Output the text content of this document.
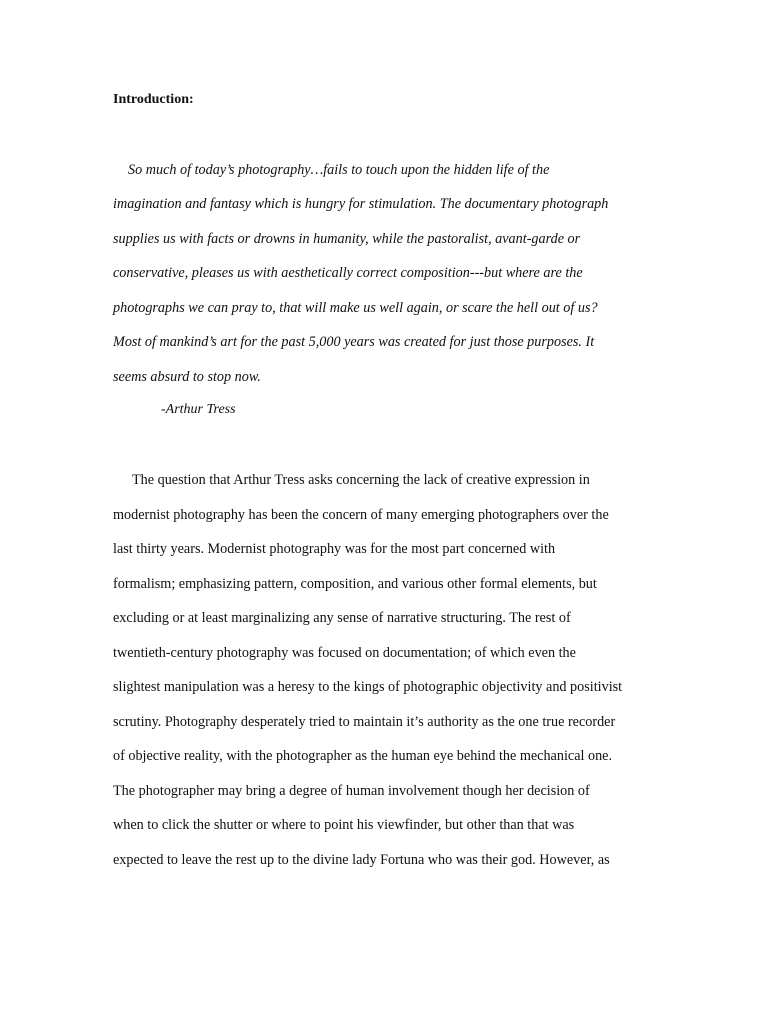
Introduction:
So much of today’s photography…fails to touch upon the hidden life of the
imagination and fantasy which is hungry for stimulation. The documentary photograph
supplies us with facts or drowns in humanity, while the pastoralist, avant-garde or
conservative, pleases us with aesthetically correct composition---but where are the
photographs we can pray to, that will make us well again, or scare the hell out of us?
Most of mankind’s art for the past 5,000 years was created for just those purposes. It
seems absurd to stop now.
-Arthur Tress
The question that Arthur Tress asks concerning the lack of creative expression in
modernist photography has been the concern of many emerging photographers over the
last thirty years. Modernist photography was for the most part concerned with
formalism; emphasizing pattern, composition, and various other formal elements, but
excluding or at least marginalizing any sense of narrative structuring. The rest of
twentieth-century photography was focused on documentation; of which even the
slightest manipulation was a heresy to the kings of photographic objectivity and positivist
scrutiny. Photography desperately tried to maintain it’s authority as the one true recorder
of objective reality, with the photographer as the human eye behind the mechanical one.
The photographer may bring a degree of human involvement though her decision of
when to click the shutter or where to point his viewfinder, but other than that was
expected to leave the rest up to the divine lady Fortuna who was their god. However, as
